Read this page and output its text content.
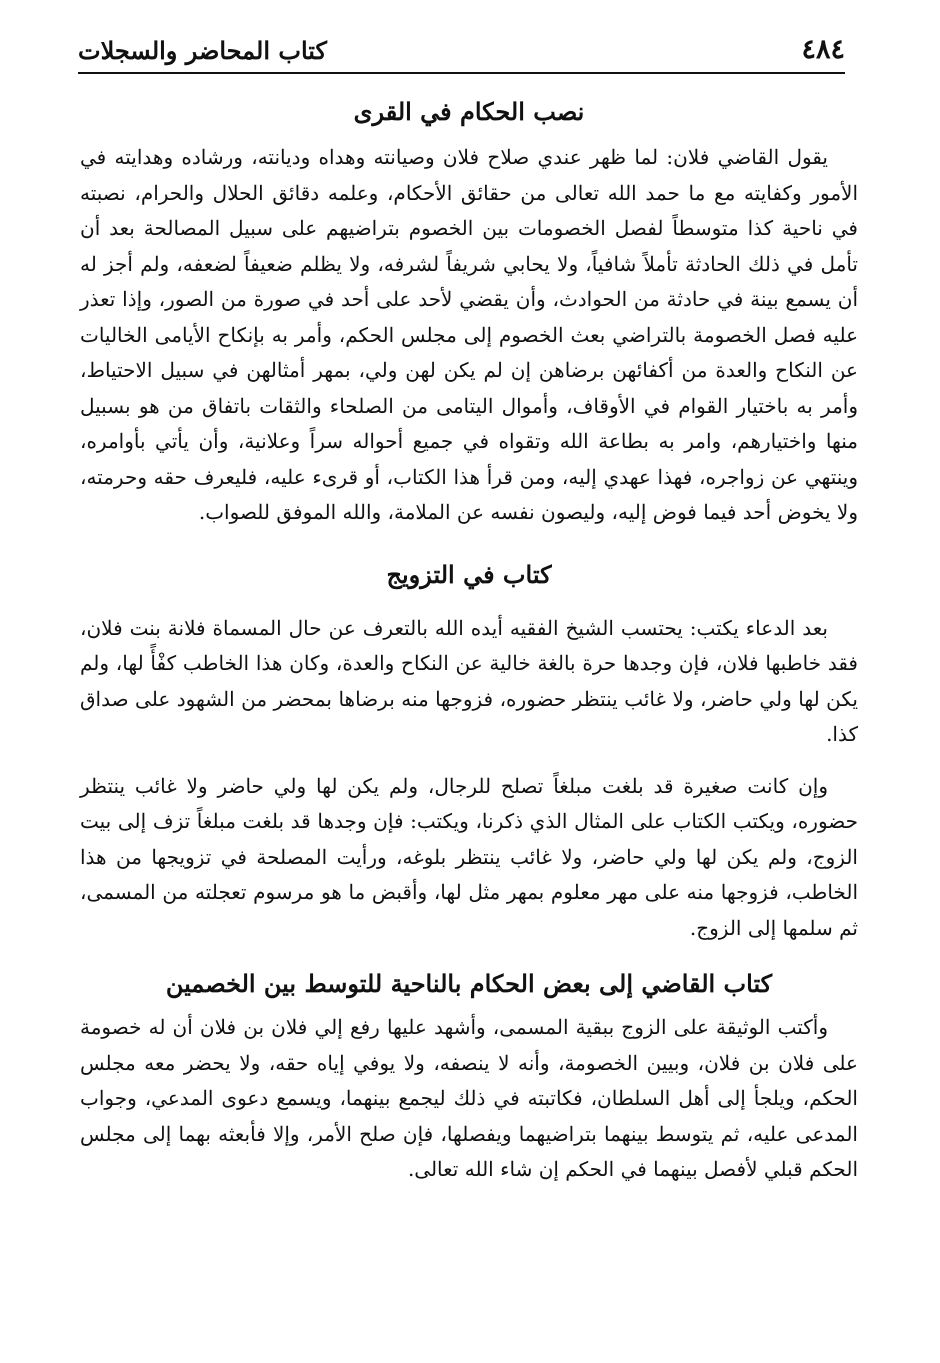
٤٨٤
كتاب المحاضر والسجلات
نصب الحكام في القرى

يقول القاضي فلان: لما ظهر عندي صلاح فلان وصيانته وهداه وديانته، ورشاده وهدايته في الأمور وكفايته مع ما حمد الله تعالى من حقائق الأحكام، وعلمه دقائق الحلال والحرام، نصبته في ناحية كذا متوسطاً لفصل الخصومات بين الخصوم بتراضيهم على سبيل المصالحة بعد أن تأمل في ذلك الحادثة تأملاً شافياً، ولا يحابي شريفاً لشرفه، ولا يظلم ضعيفاً لضعفه، ولم أجز له أن يسمع بينة في حادثة من الحوادث، وأن يقضي لأحد على أحد في صورة من الصور، وإذا تعذر عليه فصل الخصومة بالتراضي بعث الخصوم إلى مجلس الحكم، وأمر به بإنكاح الأيامى الخاليات عن النكاح والعدة من أكفائهن برضاهن إن لم يكن لهن ولي، بمهر أمثالهن في سبيل الاحتياط، وأمر به باختيار القوام في الأوقاف، وأموال اليتامى من الصلحاء والثقات باتفاق من هو بسبيل منها واختيارهم، وامر به بطاعة الله وتقواه في جميع أحواله سراً وعلانية، وأن يأتي بأوامره، وينتهي عن زواجره، فهذا عهدي إليه، ومن قرأ هذا الكتاب، أو قرىء عليه، فليعرف حقه وحرمته، ولا يخوض أحد فيما فوض إليه، وليصون نفسه عن الملامة، والله الموفق للصواب.

كتاب في التزويج

بعد الدعاء يكتب: يحتسب الشيخ الفقيه أيده الله بالتعرف عن حال المسماة فلانة بنت فلان، فقد خاطبها فلان، فإن وجدها حرة بالغة خالية عن النكاح والعدة، وكان هذا الخاطب كفْأً لها، ولم يكن لها ولي حاضر، ولا غائب ينتظر حضوره، فزوجها منه برضاها بمحضر من الشهود على صداق كذا.

وإن كانت صغيرة قد بلغت مبلغاً تصلح للرجال، ولم يكن لها ولي حاضر ولا غائب ينتظر حضوره، ويكتب الكتاب على المثال الذي ذكرنا، ويكتب: فإن وجدها قد بلغت مبلغاً تزف إلى بيت الزوج، ولم يكن لها ولي حاضر، ولا غائب ينتظر بلوغه، ورأيت المصلحة في تزويجها من هذا الخاطب، فزوجها منه على مهر معلوم بمهر مثل لها، وأقبض ما هو مرسوم تعجلته من المسمى، ثم سلمها إلى الزوج.

كتاب القاضي إلى بعض الحكام بالناحية للتوسط بين الخصمين

وأكتب الوثيقة على الزوج ببقية المسمى، وأشهد عليها رفع إلي فلان بن فلان أن له خصومة على فلان بن فلان، وبيين الخصومة، وأنه لا ينصفه، ولا يوفي إياه حقه، ولا يحضر معه مجلس الحكم، ويلجأ إلى أهل السلطان، فكاتبته في ذلك ليجمع بينهما، ويسمع دعوى المدعي، وجواب المدعى عليه، ثم يتوسط بينهما بتراضيهما ويفصلها، فإن صلح الأمر، وإلا فأبعثه بهما إلى مجلس الحكم قبلي لأفصل بينهما في الحكم إن شاء الله تعالى.
